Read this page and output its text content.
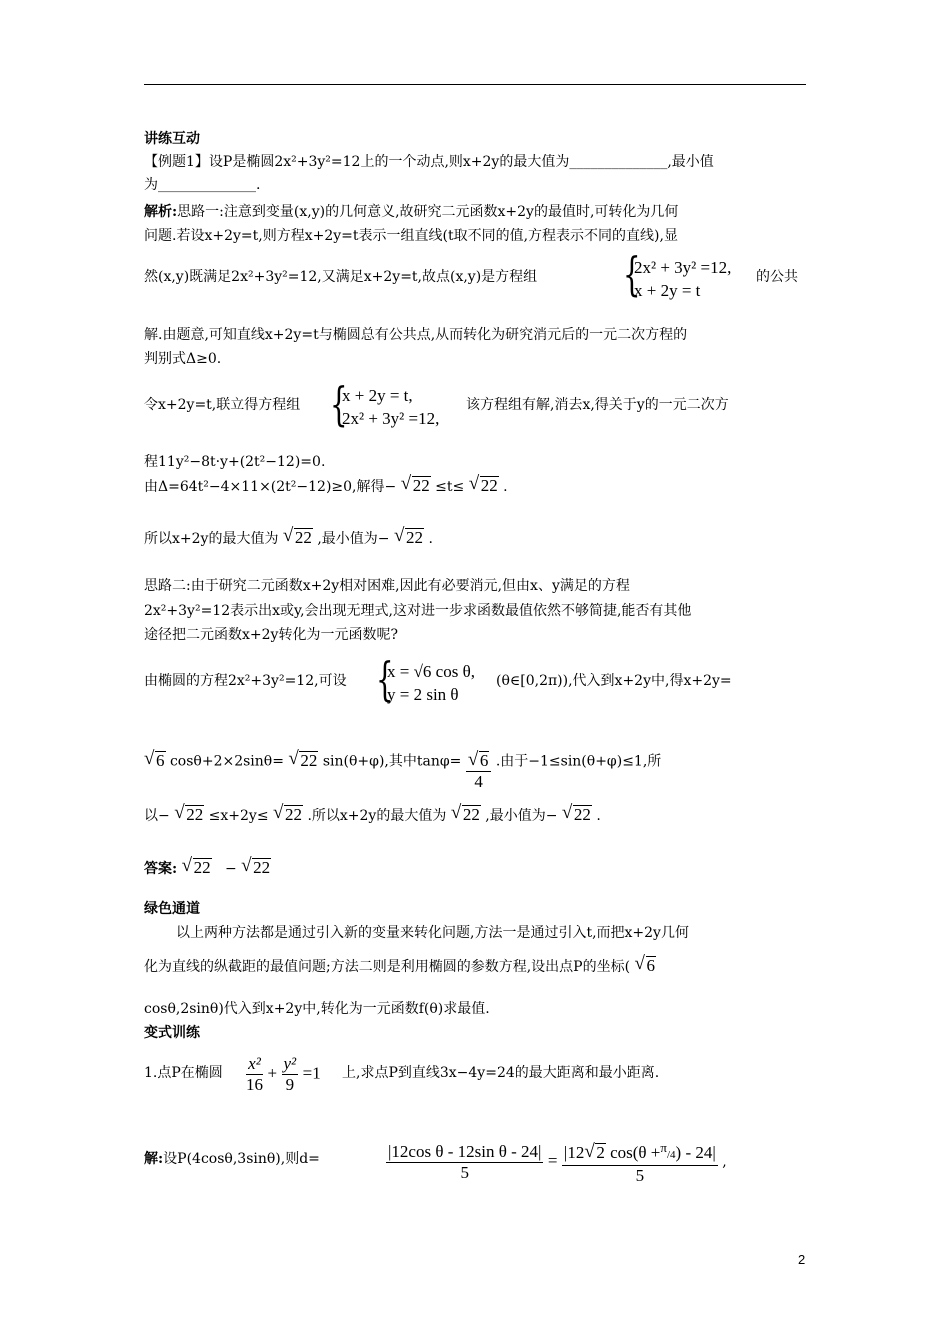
讲练互动
【例题1】设P是椭圆2x²+3y²=12上的一个动点,则x+2y的最大值为______________,最小值
为______________.
解析:思路一:注意到变量(x,y)的几何意义,故研究二元函数x+2y的最值时,可转化为几何
问题.若设x+2y=t,则方程x+2y=t表示一组直线(t取不同的值,方程表示不同的直线),显
然(x,y)既满足2x²+3y²=12,又满足x+2y=t,故点(x,y)是方程组 {
2x² + 3y² =12,
x + 2y = t
的公共
解.由题意,可知直线x+2y=t与椭圆总有公共点,从而转化为研究消元后的一元二次方程的
判别式Δ≥0.
令x+2y=t,联立得方程组 {
x + 2y = t,
2x² + 3y² =12,
该方程组有解,消去x,得关于y的一元二次方
程11y²−8t·y+(2t²−12)=0.
由Δ=64t²−4×11×(2t²−12)≥0,解得− √ 22 ≤t≤ √ 22 .
所以x+2y的最大值为 √ 22 ,最小值为− √ 22 .
思路二:由于研究二元函数x+2y相对困难,因此有必要消元,但由x、y满足的方程
2x²+3y²=12表示出x或y,会出现无理式,这对进一步求函数最值依然不够简捷,能否有其他
途径把二元函数x+2y转化为一元函数呢?
由椭圆的方程2x²+3y²=12,可设 {
x = √6 cos θ,
y = 2 sin θ
(θ∈[0,2π)),代入到x+2y中,得x+2y=
√ 6 cosθ+2×2sinθ= √ 22 sin(θ+φ),其中$\tan\varphi= \frac{√ 6}{4}$ .由于−1≤sin(θ+φ)≤1,所
以− √ 22 ≤x+2y≤ √ 22 .所以x+2y的最大值为 √ 22 ,最小值为− √ 22 .
答案: √ 22 − √ 22
绿色通道
以上两种方法都是通过引入新的变量来转化问题,方法一是通过引入t,而把x+2y几何
化为直线的纵截距的最值问题;方法二则是利用椭圆的参数方程,设出点P的坐标( √ 6
cosθ,2sinθ)代入到x+2y中,转化为一元函数f(θ)求最值.
变式训练
1.点P在椭圆 $\frac{\text{x²}}{16} + \frac{\text{y²}}{9} =1$ 上,求点P到直线3x−4y=24的最大距离和最小距离.
解:设P(4cosθ,3sinθ),则d=	$\frac{\text{|12cos θ - 12sin θ - 24|}}{5} = \frac{|12 √ 2 \cos(\theta +^\pi/4) - 24|}{5}$ ,
2
